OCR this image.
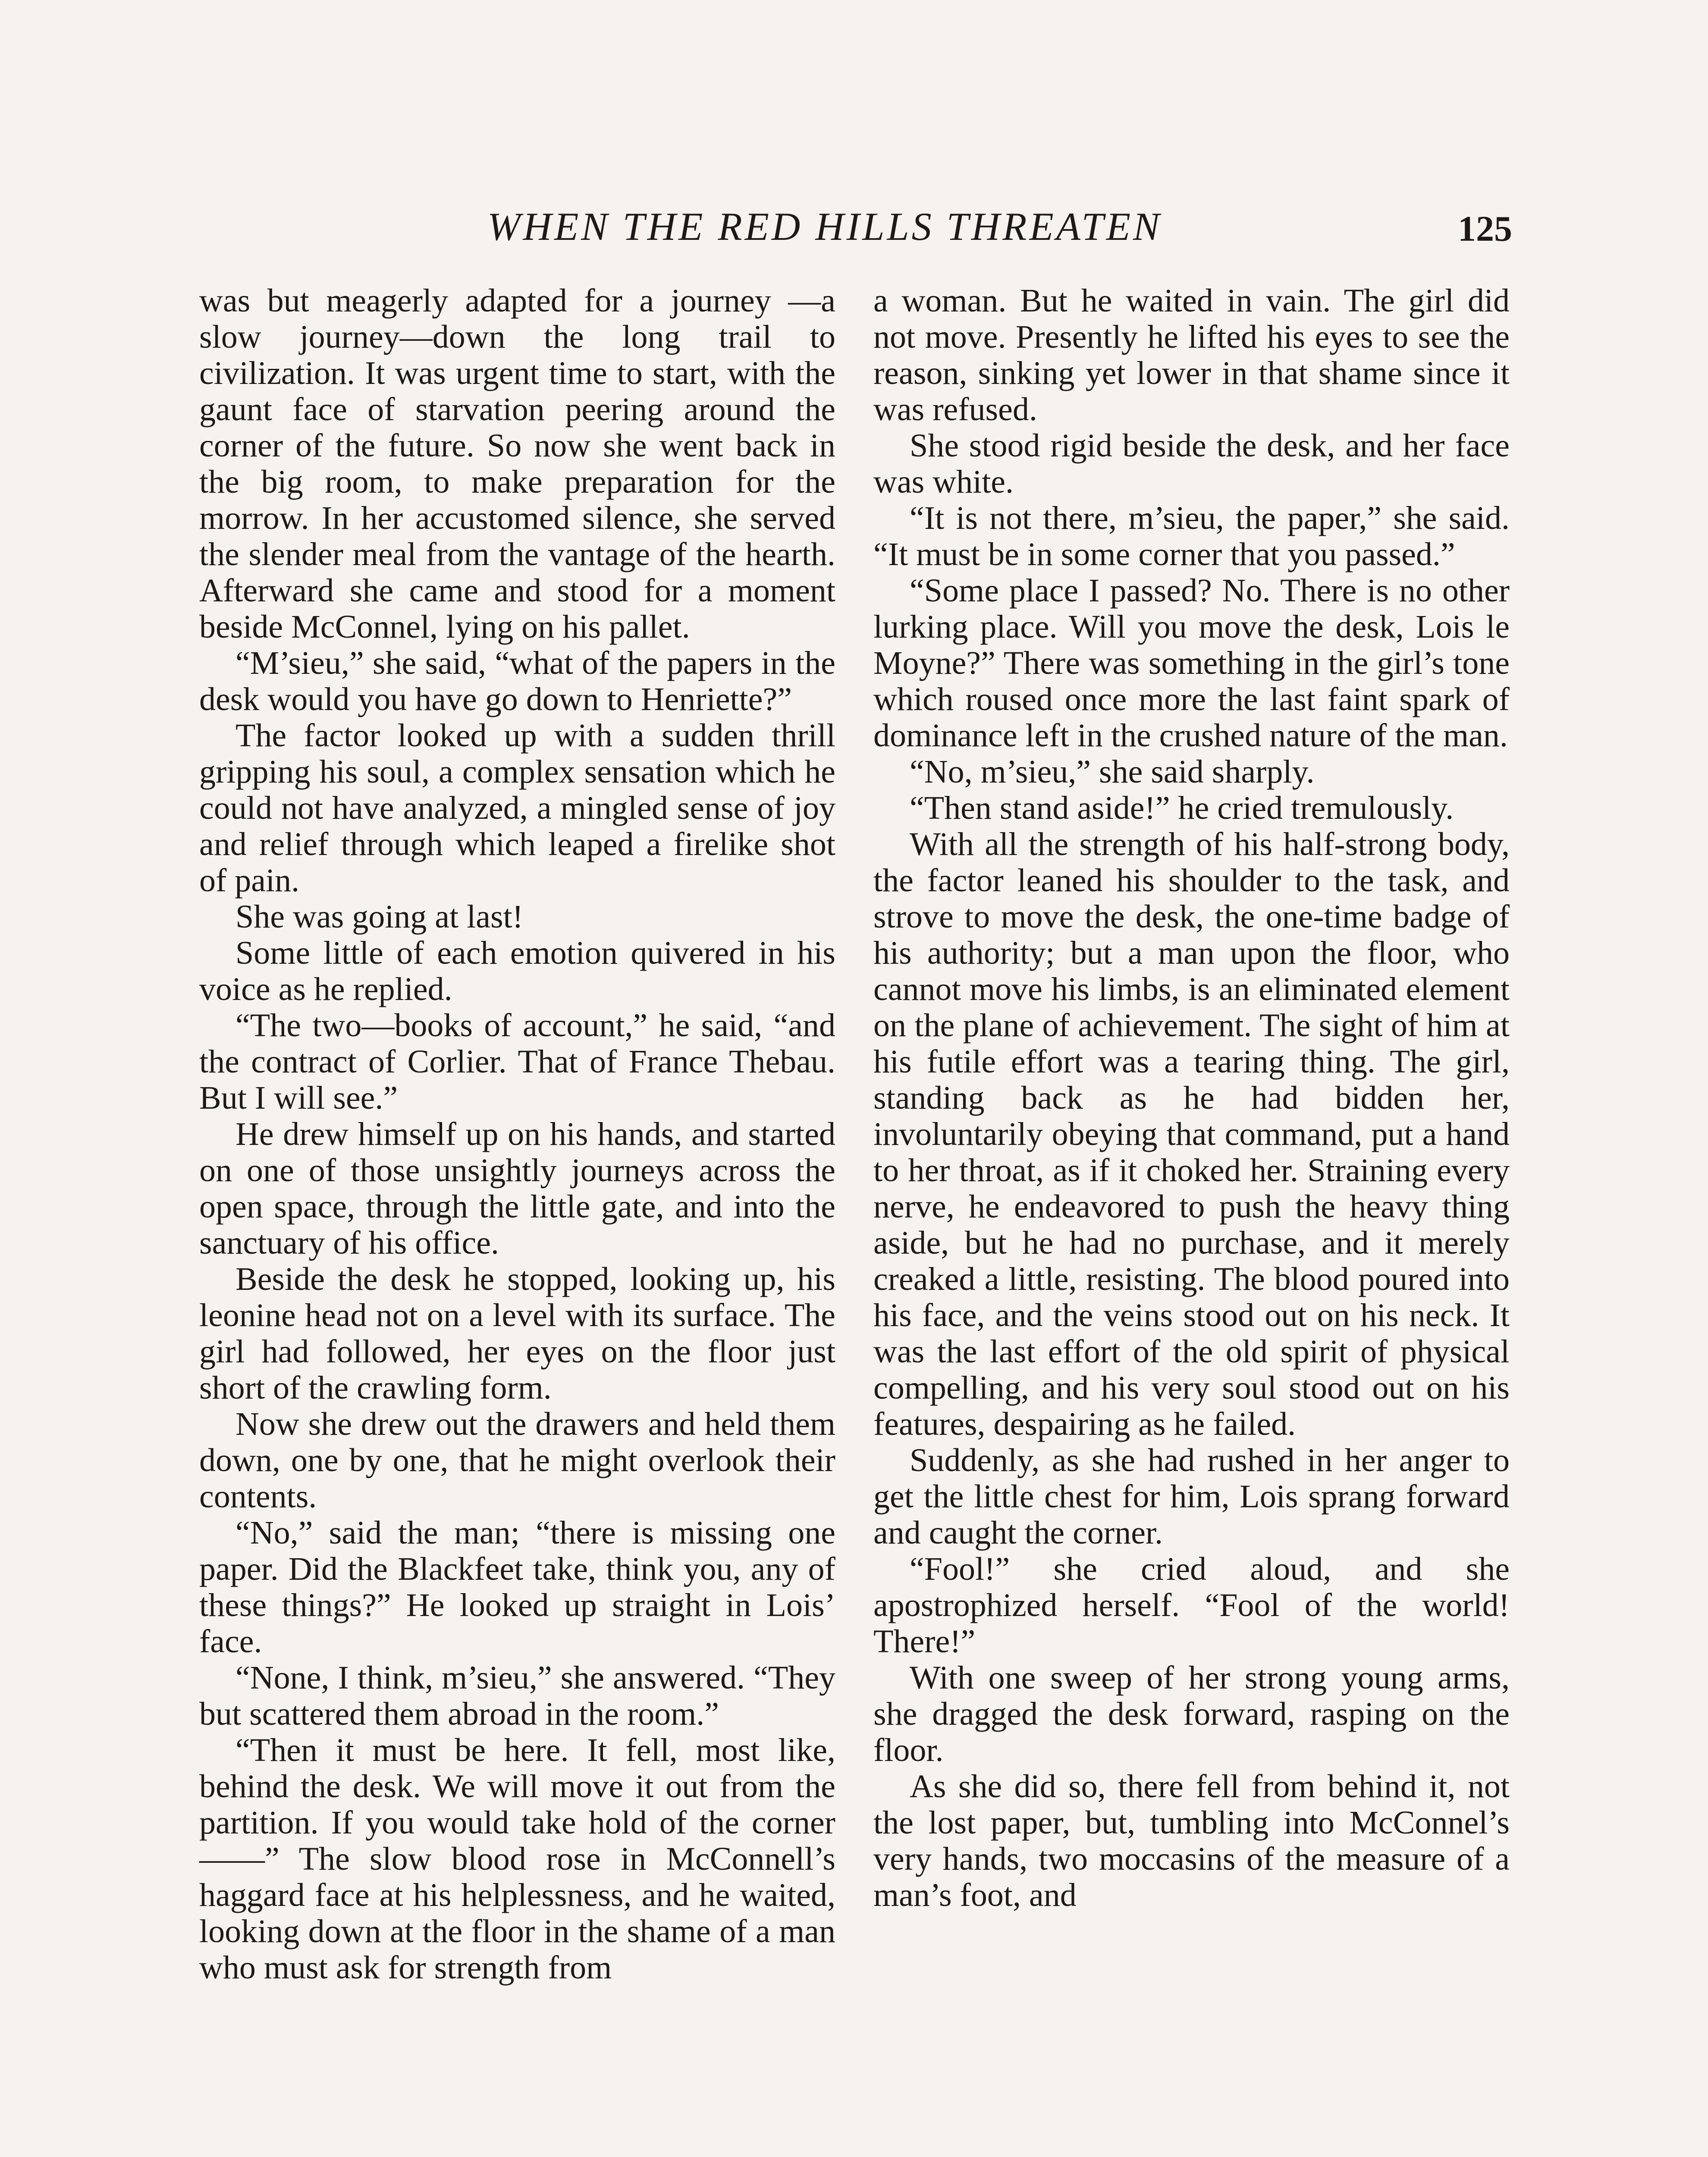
WHEN THE RED HILLS THREATEN	125

was but meagerly adapted for a journey —a slow journey—down the long trail to civilization. It was urgent time to start, with the gaunt face of starvation peering around the corner of the future. So now she went back in the big room, to make preparation for the morrow. In her accustomed silence, she served the slender meal from the vantage of the hearth. Afterward she came and stood for a moment beside McConnel, lying on his pallet.

“M’sieu,” she said, “what of the papers in the desk would you have go down to Henriette?”

The factor looked up with a sudden thrill gripping his soul, a complex sensation which he could not have analyzed, a mingled sense of joy and relief through which leaped a firelike shot of pain.

She was going at last!

Some little of each emotion quivered in his voice as he replied.

“The two—books of account,” he said, “and the contract of Corlier. That of France Thebau. But I will see.”

He drew himself up on his hands, and started on one of those unsightly journeys across the open space, through the little gate, and into the sanctuary of his office.

Beside the desk he stopped, looking up, his leonine head not on a level with its surface. The girl had followed, her eyes on the floor just short of the crawling form.

Now she drew out the drawers and held them down, one by one, that he might overlook their contents.

“No,” said the man; “there is missing one paper. Did the Blackfeet take, think you, any of these things?” He looked up straight in Lois’ face.

“None, I think, m’sieu,” she answered. “They but scattered them abroad in the room.”

“Then it must be here. It fell, most like, behind the desk. We will move it out from the partition. If you would take hold of the corner——” The slow blood rose in McConnell’s haggard face at his helplessness, and he waited, looking down at the floor in the shame of a man who must ask for strength from

a woman. But he waited in vain. The girl did not move. Presently he lifted his eyes to see the reason, sinking yet lower in that shame since it was refused.

She stood rigid beside the desk, and her face was white.

“It is not there, m’sieu, the paper,” she said. “It must be in some corner that you passed.”

“Some place I passed? No. There is no other lurking place. Will you move the desk, Lois le Moyne?” There was something in the girl’s tone which roused once more the last faint spark of dominance left in the crushed nature of the man.

“No, m’sieu,” she said sharply.

“Then stand aside!” he cried tremulously.

With all the strength of his half-strong body, the factor leaned his shoulder to the task, and strove to move the desk, the one-time badge of his authority; but a man upon the floor, who cannot move his limbs, is an eliminated element on the plane of achievement. The sight of him at his futile effort was a tearing thing. The girl, standing back as he had bidden her, involuntarily obeying that command, put a hand to her throat, as if it choked her. Straining every nerve, he endeavored to push the heavy thing aside, but he had no purchase, and it merely creaked a little, resisting. The blood poured into his face, and the veins stood out on his neck. It was the last effort of the old spirit of physical compelling, and his very soul stood out on his features, despairing as he failed.

Suddenly, as she had rushed in her anger to get the little chest for him, Lois sprang forward and caught the corner.

“Fool!” she cried aloud, and she apostrophized herself. “Fool of the world! There!”

With one sweep of her strong young arms, she dragged the desk forward, rasping on the floor.

As she did so, there fell from behind it, not the lost paper, but, tumbling into McConnel’s very hands, two moccasins of the measure of a man’s foot, and
